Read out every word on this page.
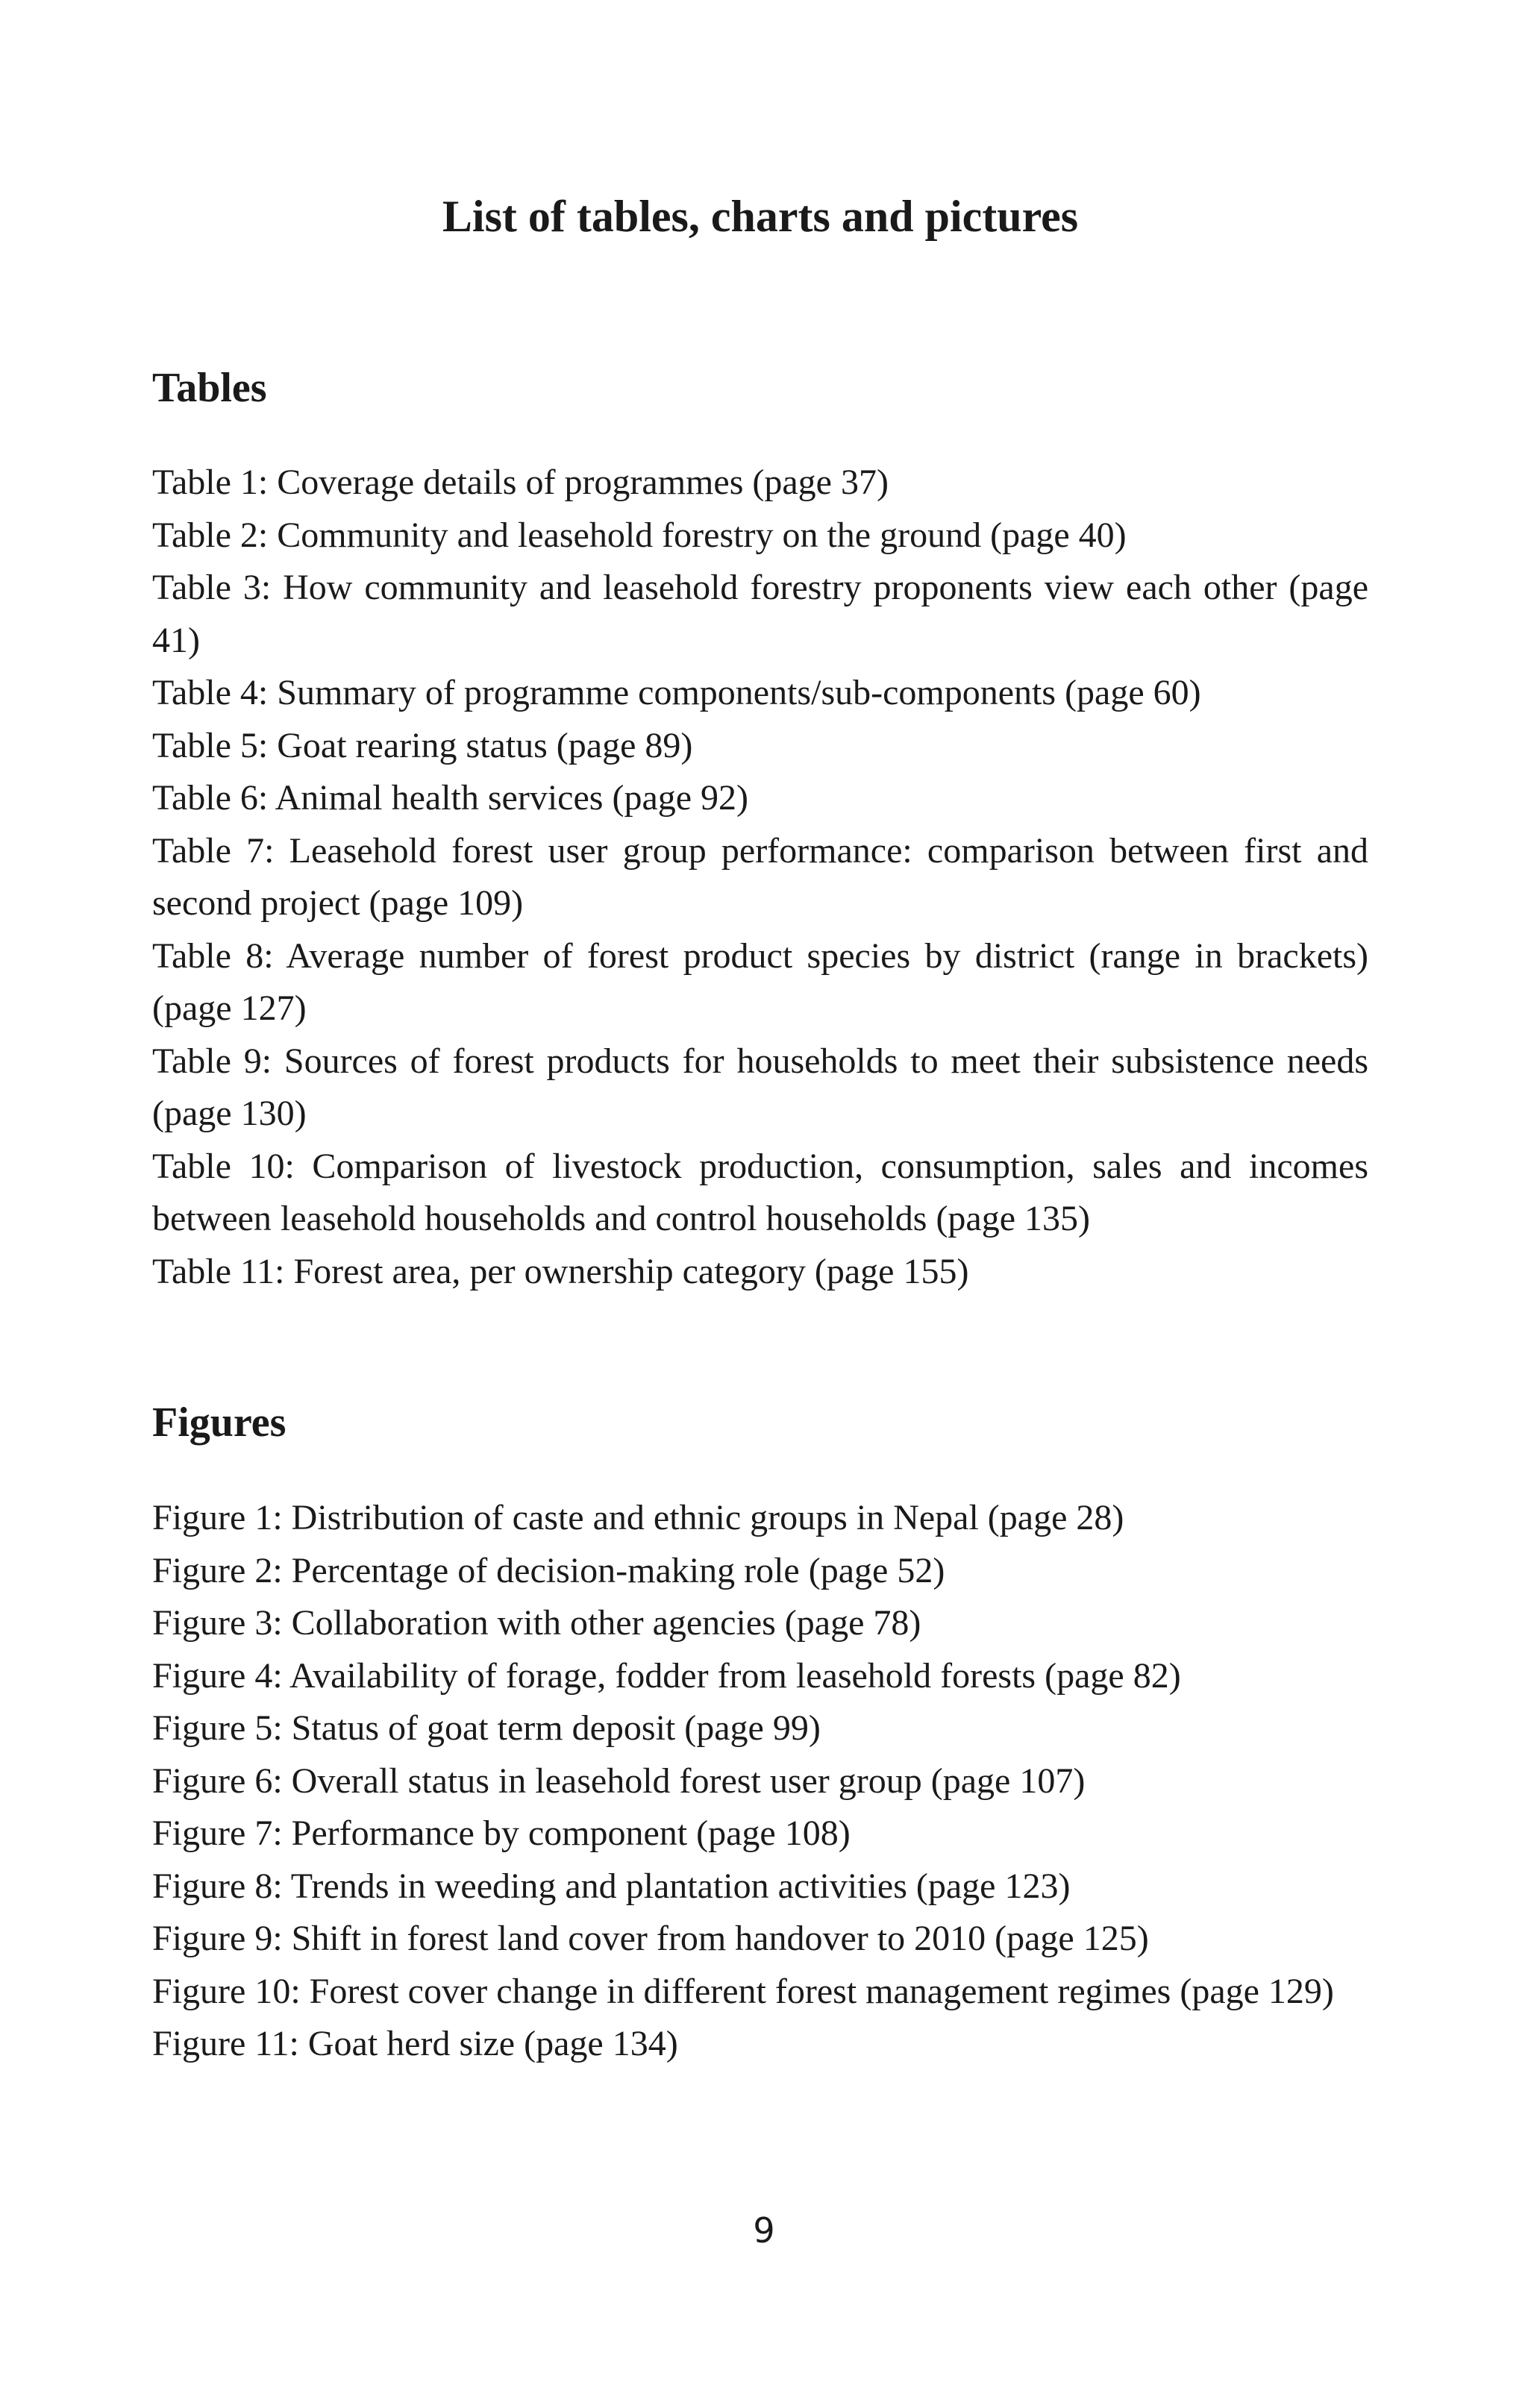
List of tables, charts and pictures
Tables
Table 1: Coverage details of programmes (page 37)
Table 2: Community and leasehold forestry on the ground (page 40)
Table 3: How community and leasehold forestry proponents view each other (page 41)
Table 4: Summary of programme components/sub-components (page 60)
Table 5: Goat rearing status (page 89)
Table 6: Animal health services (page 92)
Table 7: Leasehold forest user group performance: comparison between first and second project (page 109)
Table 8: Average number of forest product species by district (range in brackets) (page 127)
Table 9: Sources of forest products for households to meet their subsistence needs (page 130)
Table 10: Comparison of livestock production, consumption, sales and incomes between leasehold households and control households (page 135)
Table 11: Forest area, per ownership category (page 155)
Figures
Figure 1: Distribution of caste and ethnic groups in Nepal (page 28)
Figure 2: Percentage of decision-making role (page 52)
Figure 3: Collaboration with other agencies (page 78)
Figure 4: Availability of forage, fodder from leasehold forests (page 82)
Figure 5: Status of goat term deposit (page 99)
Figure 6: Overall status in leasehold forest user group (page 107)
Figure 7: Performance by component (page 108)
Figure 8: Trends in weeding and plantation activities (page 123)
Figure 9: Shift in forest land cover from handover to 2010 (page 125)
Figure 10: Forest cover change in different forest management regimes (page 129)
Figure 11: Goat herd size (page 134)
9
